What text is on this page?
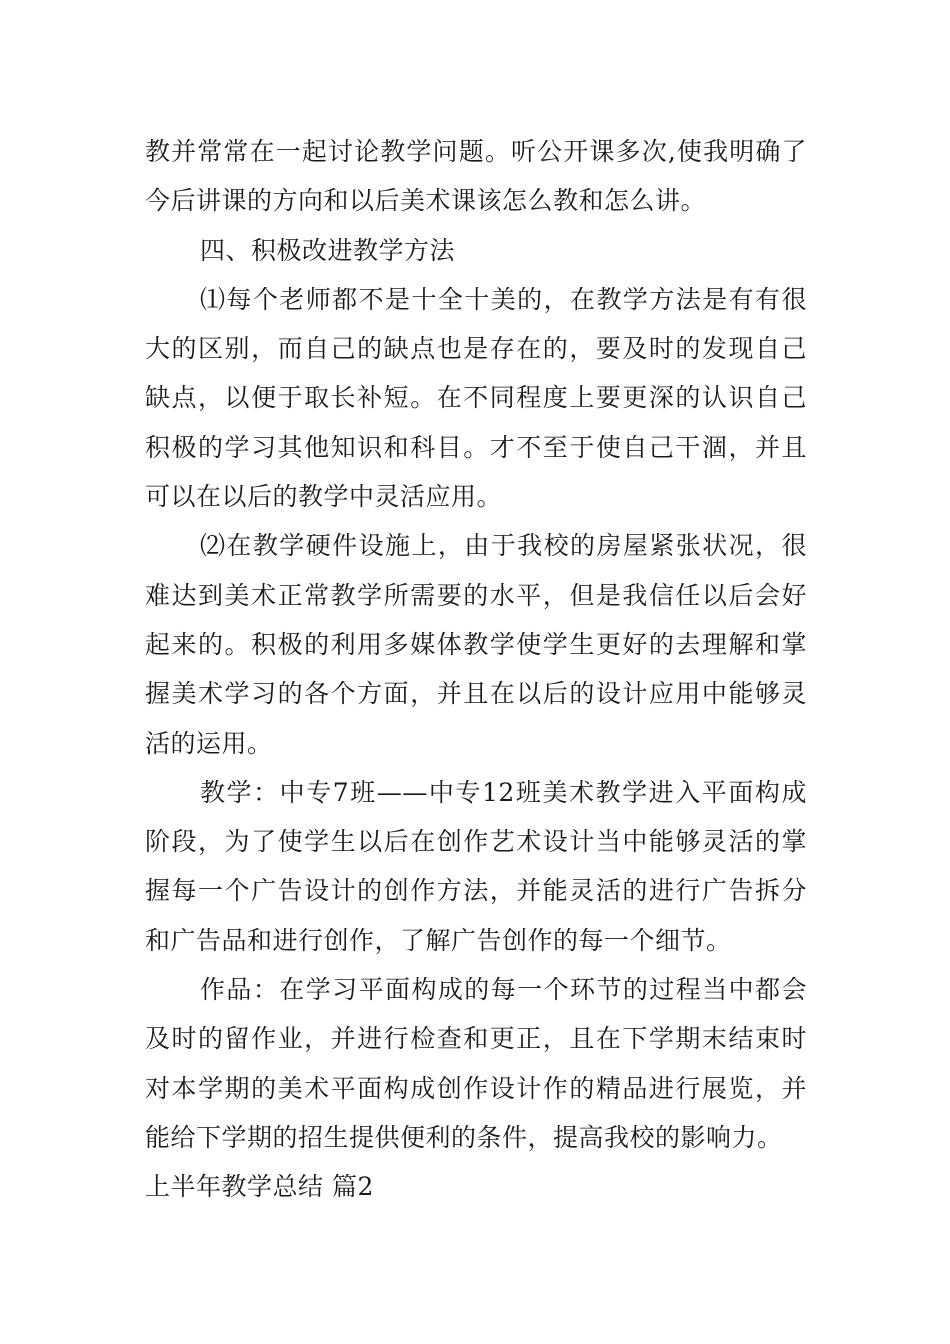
教并常常在一起讨论教学问题。听公开课多次,使我明确了今后讲课的方向和以后美术课该怎么教和怎么讲。

四、积极改进教学方法

⑴每个老师都不是十全十美的，在教学方法是有有很大的区别，而自己的缺点也是存在的，要及时的发现自己缺点，以便于取长补短。在不同程度上要更深的认识自己积极的学习其他知识和科目。才不至于使自己干涸，并且可以在以后的教学中灵活应用。

⑵在教学硬件设施上，由于我校的房屋紧张状况，很难达到美术正常教学所需要的水平，但是我信任以后会好起来的。积极的利用多媒体教学使学生更好的去理解和掌握美术学习的各个方面，并且在以后的设计应用中能够灵活的运用。

教学：中专7班——中专12班美术教学进入平面构成阶段，为了使学生以后在创作艺术设计当中能够灵活的掌握每一个广告设计的创作方法，并能灵活的进行广告拆分和广告品和进行创作，了解广告创作的每一个细节。

作品：在学习平面构成的每一个环节的过程当中都会及时的留作业，并进行检查和更正，且在下学期末结束时对本学期的美术平面构成创作设计作的精品进行展览，并能给下学期的招生提供便利的条件，提高我校的影响力。

上半年教学总结 篇2
